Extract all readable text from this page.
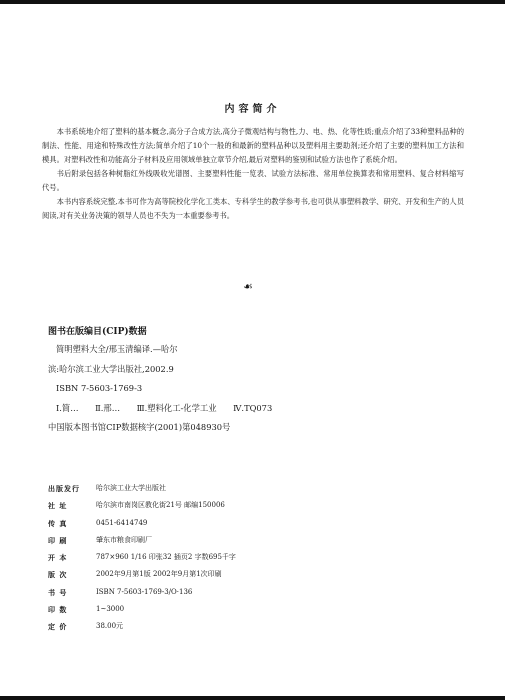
内容简介

本书系统地介绍了塑料的基本概念,高分子合成方法,高分子微观结构与物性,力、电、热、化等性质;重点介绍了33种塑料品种的制法、性能、用途和特殊改性方法;简单介绍了10个一般的和最新的塑料品种以及塑料用主要助剂;还介绍了主要的塑料加工方法和模具。对塑料改性和功能高分子材料及应用领域单独立章节介绍,最后对塑料的鉴别和试验方法也作了系统介绍。

书后附录包括各种树脂红外线吸收光谱图、主要塑料性能一览表、试验方法标准、常用单位换算表和常用塑料、复合材料缩写代号。

本书内容系统完整,本书可作为高等院校化学化工类本、专科学生的教学参考书,也可供从事塑料教学、研究、开发和生产的人员阅读,对有关业务决策的领导人员也不失为一本重要参考书。

☙
图书在版编目(CIP)数据
简明塑料大全/邢玉清编译.—哈尔
滨:哈尔滨工业大学出版社,2002.9
ISBN 7-5603-1769-3
Ⅰ.简… Ⅱ.邢… Ⅲ.塑料化工-化学工业 Ⅳ.TQ073
中国版本图书馆CIP数据核字(2001)第048930号
出版发行	哈尔滨工业大学出版社
社 址	哈尔滨市南岗区教化街21号 邮编150006
传 真	0451-6414749
印 刷	肇东市粮食印刷厂
开 本	787×960 1/16 印张32 插页2 字数695千字
版 次	2002年9月第1版 2002年9月第1次印刷
书 号	ISBN 7-5603-1769-3/O·136
印 数	1~3000
定 价	38.00元
